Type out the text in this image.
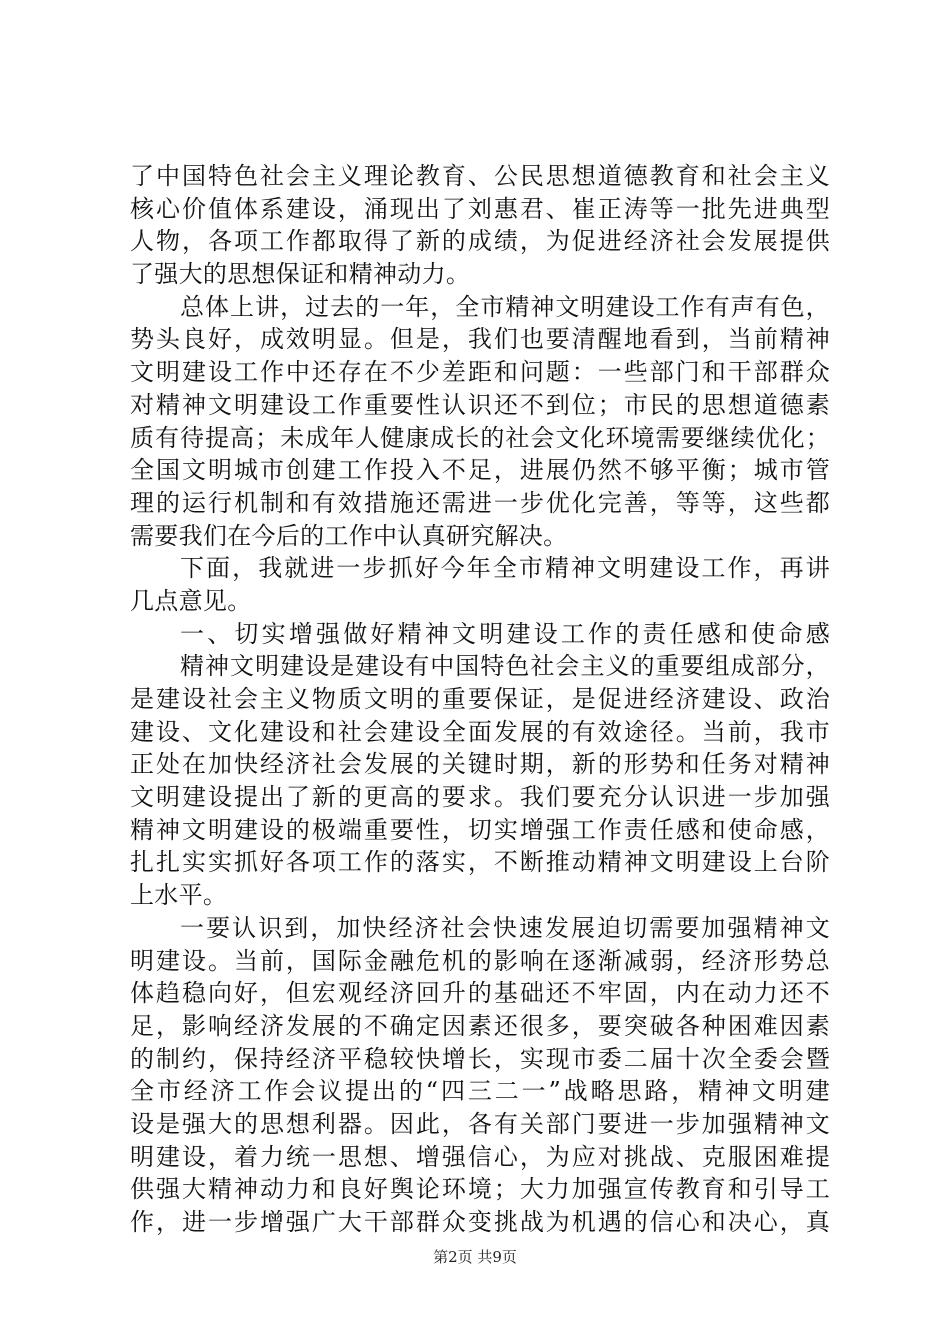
了中国特色社会主义理论教育、公民思想道德教育和社会主义
核心价值体系建设，涌现出了刘惠君、崔正涛等一批先进典型
人物，各项工作都取得了新的成绩，为促进经济社会发展提供
了强大的思想保证和精神动力。
总体上讲，过去的一年，全市精神文明建设工作有声有色，
势头良好，成效明显。但是，我们也要清醒地看到，当前精神
文明建设工作中还存在不少差距和问题：一些部门和干部群众
对精神文明建设工作重要性认识还不到位；市民的思想道德素
质有待提高；未成年人健康成长的社会文化环境需要继续优化；
全国文明城市创建工作投入不足，进展仍然不够平衡；城市管
理的运行机制和有效措施还需进一步优化完善，等等，这些都
需要我们在今后的工作中认真研究解决。
下面，我就进一步抓好今年全市精神文明建设工作，再讲
几点意见。
一、切实增强做好精神文明建设工作的责任感和使命感
精神文明建设是建设有中国特色社会主义的重要组成部分，
是建设社会主义物质文明的重要保证，是促进经济建设、政治
建设、文化建设和社会建设全面发展的有效途径。当前，我市
正处在加快经济社会发展的关键时期，新的形势和任务对精神
文明建设提出了新的更高的要求。我们要充分认识进一步加强
精神文明建设的极端重要性，切实增强工作责任感和使命感，
扎扎实实抓好各项工作的落实，不断推动精神文明建设上台阶
上水平。
一要认识到，加快经济社会快速发展迫切需要加强精神文
明建设。当前，国际金融危机的影响在逐渐减弱，经济形势总
体趋稳向好，但宏观经济回升的基础还不牢固，内在动力还不
足，影响经济发展的不确定因素还很多，要突破各种困难因素
的制约，保持经济平稳较快增长，实现市委二届十次全委会暨
全市经济工作会议提出的“四三二一”战略思路，精神文明建
设是强大的思想利器。因此，各有关部门要进一步加强精神文
明建设，着力统一思想、增强信心，为应对挑战、克服困难提
供强大精神动力和良好舆论环境；大力加强宣传教育和引导工
作，进一步增强广大干部群众变挑战为机遇的信心和决心，真
第2页 共9页
